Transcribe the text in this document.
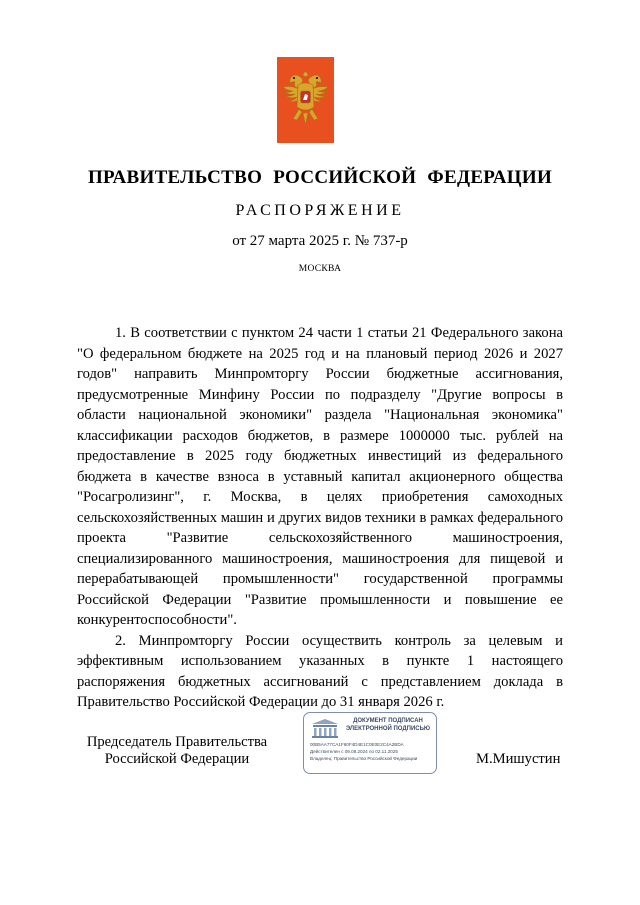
ПРАВИТЕЛЬСТВО РОССИЙСКОЙ ФЕДЕРАЦИИ
РАСПОРЯЖЕНИЕ
от 27 марта 2025 г. № 737-р
МОСКВА

1. В соответствии с пунктом 24 части 1 статьи 21 Федерального закона "О федеральном бюджете на 2025 год и на плановый период 2026 и 2027 годов" направить Минпромторгу России бюджетные ассигнования, предусмотренные Минфину России по подразделу "Другие вопросы в области национальной экономики" раздела "Национальная экономика" классификации расходов бюджетов, в размере 1000000 тыс. рублей на предоставление в 2025 году бюджетных инвестиций из федерального бюджета в качестве взноса в уставный капитал акционерного общества "Росагролизинг", г. Москва, в целях приобретения самоходных сельскохозяйственных машин и других видов техники в рамках федерального проекта "Развитие сельскохозяйственного машиностроения, специализированного машиностроения, машиностроения для пищевой и перерабатывающей промышленности" государственной программы Российской Федерации "Развитие промышленности и повышение ее конкурентоспособности".

2. Минпромторгу России осуществить контроль за целевым и эффективным использованием указанных в пункте 1 настоящего распоряжения бюджетных ассигнований с представлением доклада в Правительство Российской Федерации до 31 января 2026 г.

Председатель Правительства
Российской Федерации
ДОКУМЕНТ ПОДПИСАН ЭЛЕКТРОННОЙ ПОДПИСЬЮ
00B5AA77CA1F60F4D4E1C0E0E2C4A2BDA
Действителен с 09.08.2024 по 02.11.2025
Владелец: Правительство Российской Федерации	М.Мишустин
